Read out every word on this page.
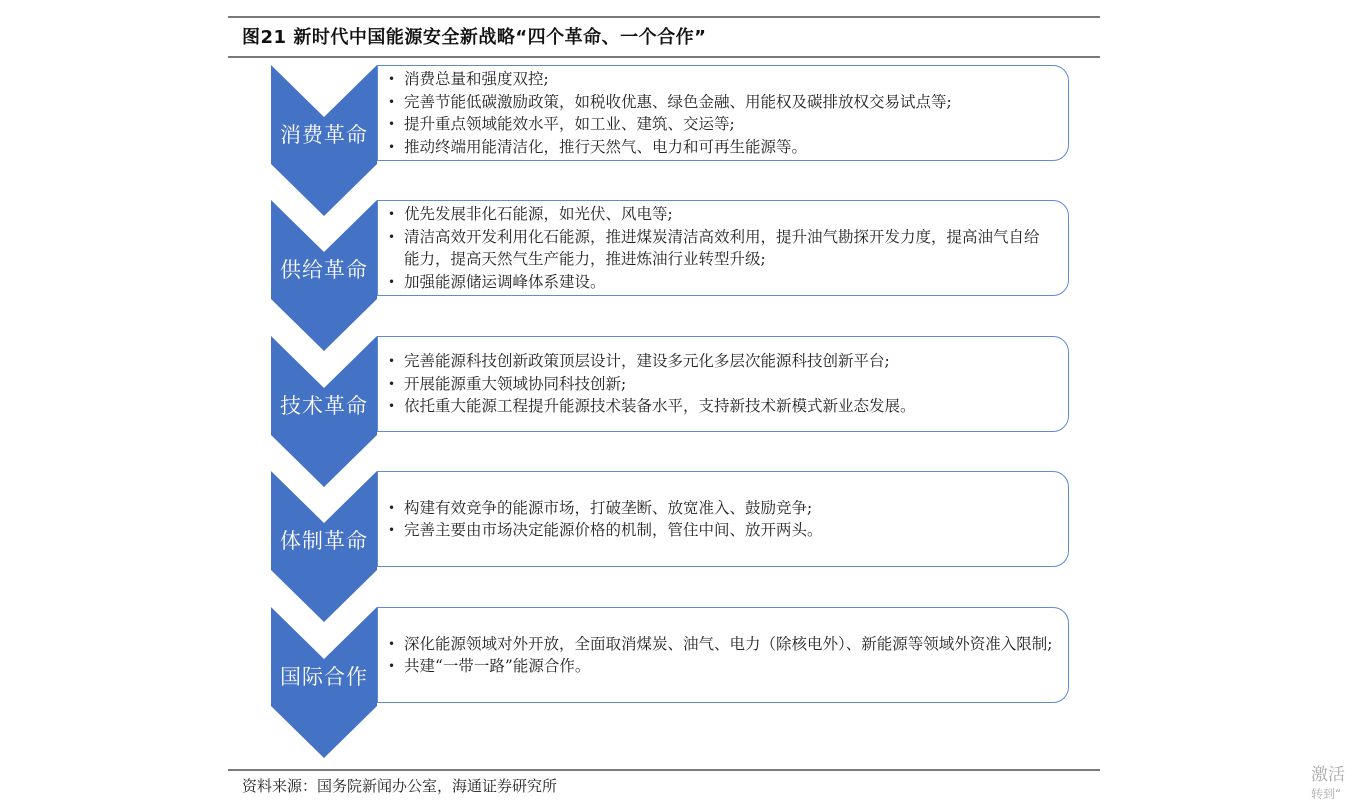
图21 新时代中国能源安全新战略“四个革命、一个合作”
消费革命
• 消费总量和强度双控;
• 完善节能低碳激励政策，如税收优惠、绿色金融、用能权及碳排放权交易试点等;
• 提升重点领域能效水平，如工业、建筑、交运等;
• 推动终端用能清洁化，推行天然气、电力和可再生能源等。
供给革命
• 优先发展非化石能源，如光伏、风电等;
• 清洁高效开发利用化石能源，推进煤炭清洁高效利用，提升油气勘探开发力度，提高油气自给能力，提高天然气生产能力，推进炼油行业转型升级;
• 加强能源储运调峰体系建设。
技术革命
• 完善能源科技创新政策顶层设计，建设多元化多层次能源科技创新平台;
• 开展能源重大领域协同科技创新;
• 依托重大能源工程提升能源技术装备水平，支持新技术新模式新业态发展。
体制革命
• 构建有效竞争的能源市场，打破垄断、放宽准入、鼓励竞争;
• 完善主要由市场决定能源价格的机制，管住中间、放开两头。
国际合作
• 深化能源领域对外开放，全面取消煤炭、油气、电力（除核电外）、新能源等领域外资准入限制;
• 共建“一带一路”能源合作。
资料来源：国务院新闻办公室，海通证券研究所
激活
转到“
